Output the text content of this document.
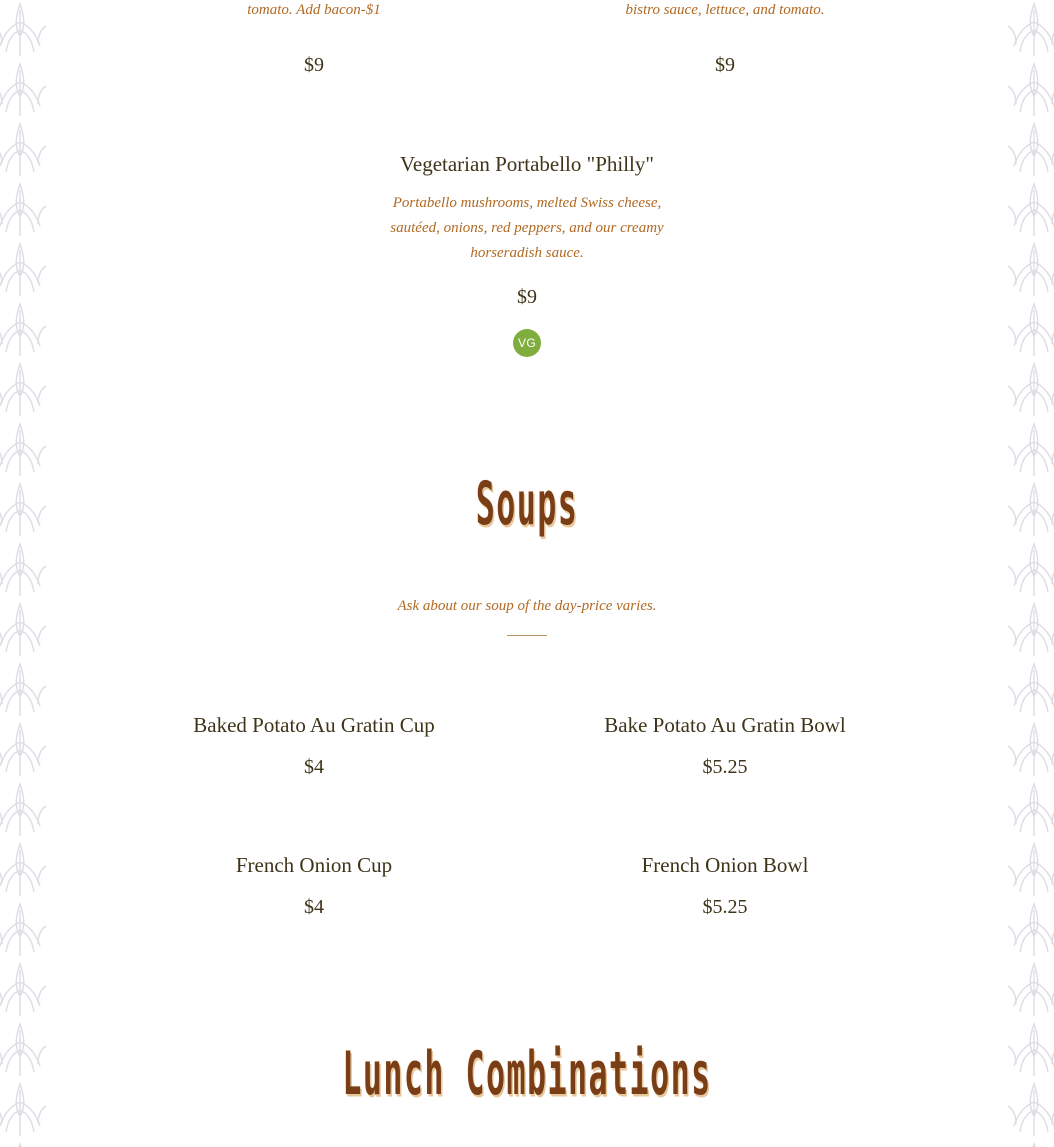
tomato. Add bacon-$1
$9
bistro sauce, lettuce, and tomato.
$9
Vegetarian Portabello "Philly"
Portabello mushrooms, melted Swiss cheese, sautéed, onions, red peppers, and our creamy horseradish sauce.
$9
VG
Soups
Ask about our soup of the day-price varies.
Baked Potato Au Gratin Cup
$4
Bake Potato Au Gratin Bowl
$5.25
French Onion Cup
$4
French Onion Bowl
$5.25
Lunch Combinations
